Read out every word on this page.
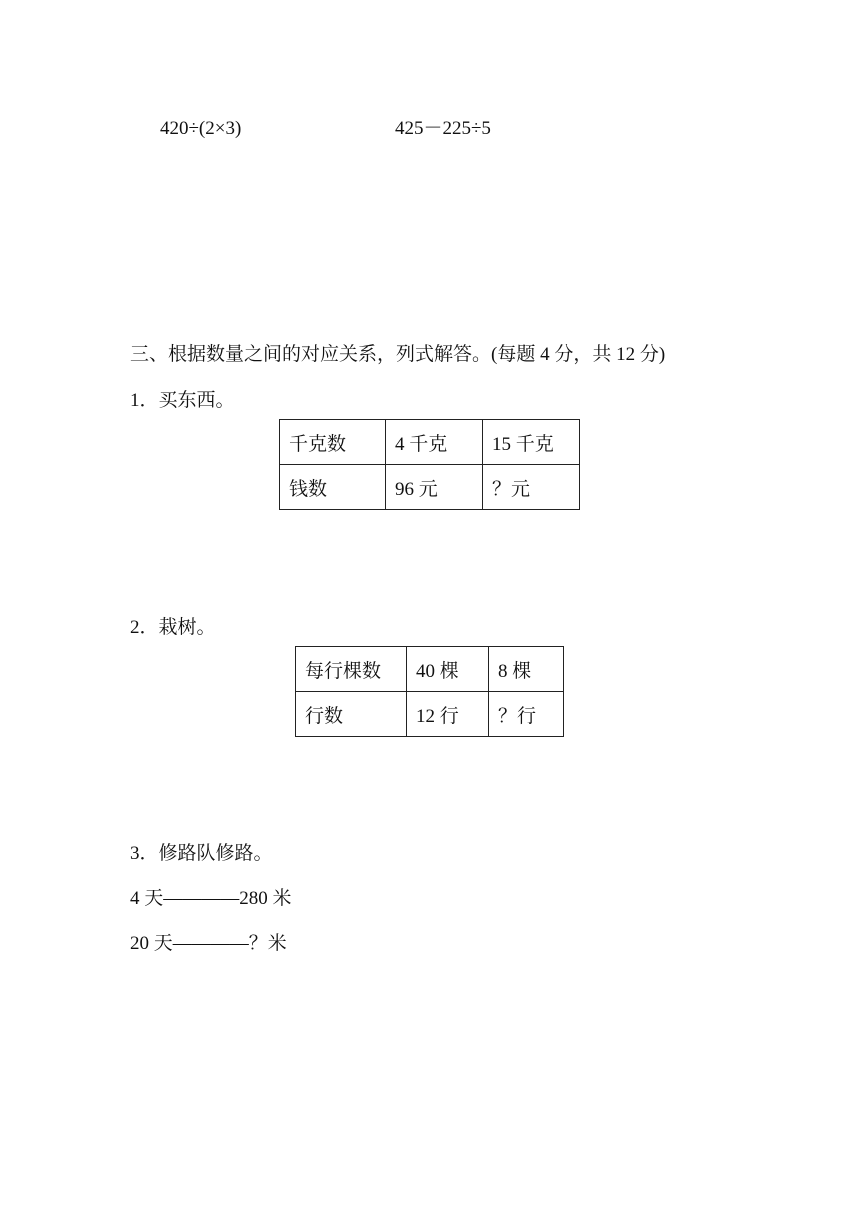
420÷(2×3)	425－225÷5
三、根据数量之间的对应关系，列式解答。(每题 4 分，共 12 分)
1．买东西。
千克数	4 千克	15 千克
钱数	96 元	？元
2．栽树。
每行棵数	40 棵	8 棵
行数	12 行	？行
3．修路队修路。
4 天————280 米
20 天————？米
